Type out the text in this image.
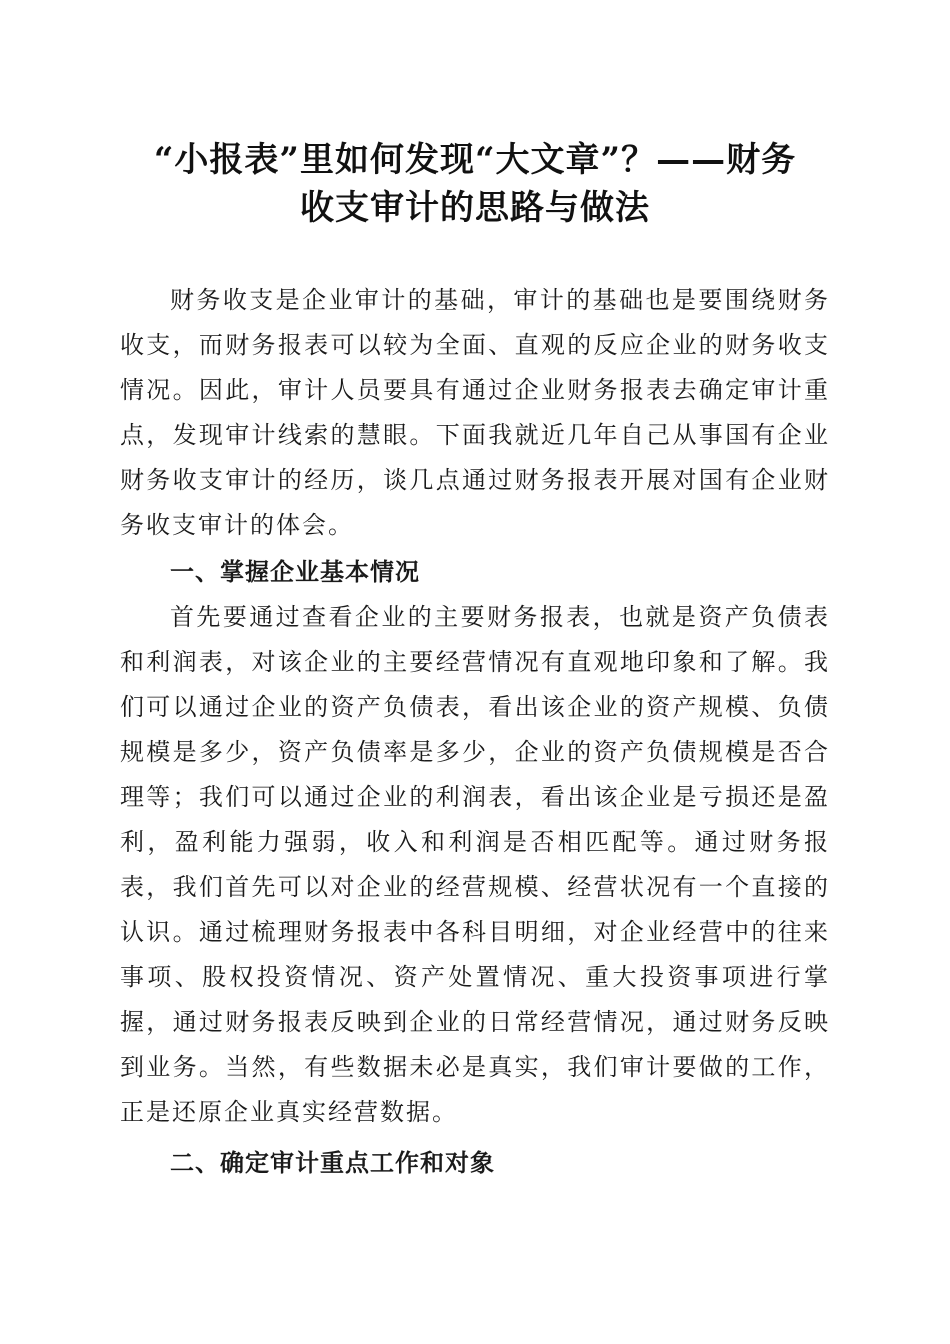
“小报表”里如何发现“大文章”？——财务
收支审计的思路与做法

财务收支是企业审计的基础，审计的基础也是要围绕财务收支，而财务报表可以较为全面、直观的反应企业的财务收支情况。因此，审计人员要具有通过企业财务报表去确定审计重点，发现审计线索的慧眼。下面我就近几年自己从事国有企业财务收支审计的经历，谈几点通过财务报表开展对国有企业财务收支审计的体会。

一、掌握企业基本情况

首先要通过查看企业的主要财务报表，也就是资产负债表和利润表，对该企业的主要经营情况有直观地印象和了解。我们可以通过企业的资产负债表，看出该企业的资产规模、负债规模是多少，资产负债率是多少，企业的资产负债规模是否合理等；我们可以通过企业的利润表，看出该企业是亏损还是盈利，盈利能力强弱，收入和利润是否相匹配等。通过财务报表，我们首先可以对企业的经营规模、经营状况有一个直接的认识。通过梳理财务报表中各科目明细，对企业经营中的往来事项、股权投资情况、资产处置情况、重大投资事项进行掌握，通过财务报表反映到企业的日常经营情况，通过财务反映到业务。当然，有些数据未必是真实，我们审计要做的工作，正是还原企业真实经营数据。

二、确定审计重点工作和对象
